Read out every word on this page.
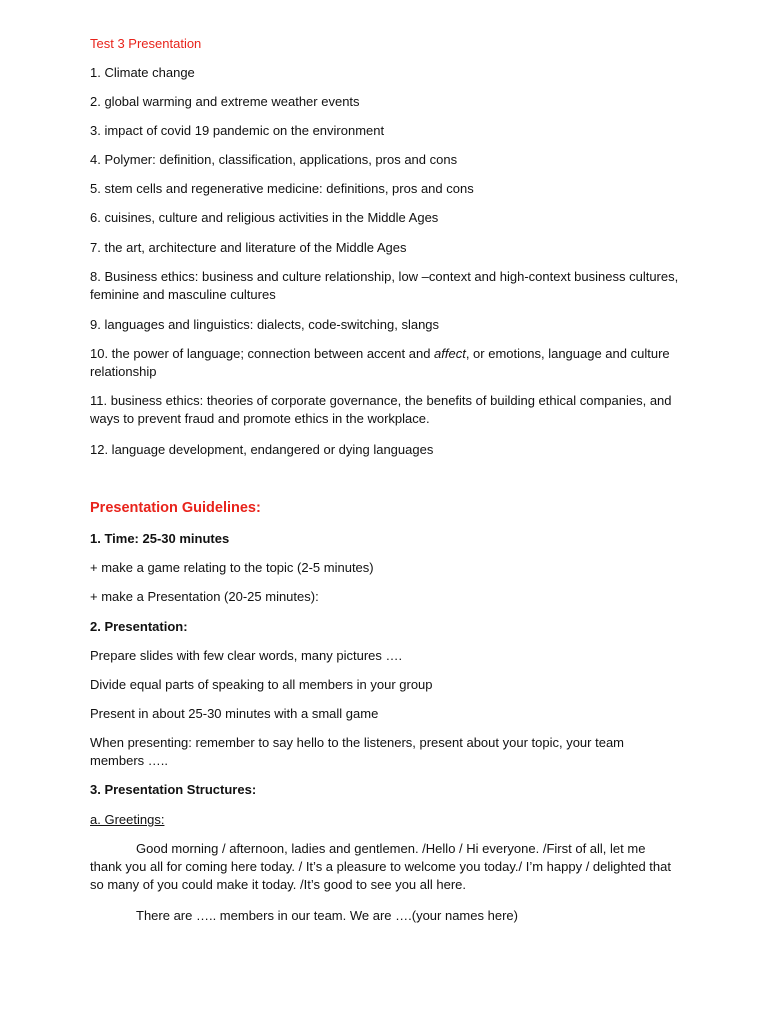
Test 3 Presentation
1. Climate change
2. global warming and extreme weather events
3. impact of covid 19 pandemic on the environment
4. Polymer: definition, classification, applications, pros and cons
5. stem cells and regenerative medicine: definitions, pros and cons
6. cuisines, culture and religious activities in the Middle Ages
7. the art, architecture and literature of the Middle Ages
8. Business ethics: business and culture relationship, low –context and high-context business cultures, feminine and masculine cultures
9. languages and linguistics: dialects, code-switching, slangs
10. the power of language; connection between accent and affect, or emotions, language and culture relationship
11. business ethics: theories of corporate governance, the benefits of building ethical companies, and ways to prevent fraud and promote ethics in the workplace.
12. language development, endangered or dying languages
Presentation Guidelines:
1. Time: 25-30 minutes
+ make a game relating to the topic (2-5 minutes)
+ make a Presentation (20-25 minutes):
2. Presentation:
Prepare slides with few clear words, many pictures ….
Divide equal parts of speaking to all members in your group
Present in about 25-30 minutes with a small game
When presenting: remember to say hello to the listeners, present about your topic, your team members …..
3. Presentation Structures:
a. Greetings:
Good morning / afternoon, ladies and gentlemen. /Hello / Hi everyone. /First of all, let me thank you all for coming here today. / It’s a pleasure to welcome you today./ I’m happy / delighted that so many of you could make it today. /It’s good to see you all here.
There are ….. members in our team. We are ….(your names here)
